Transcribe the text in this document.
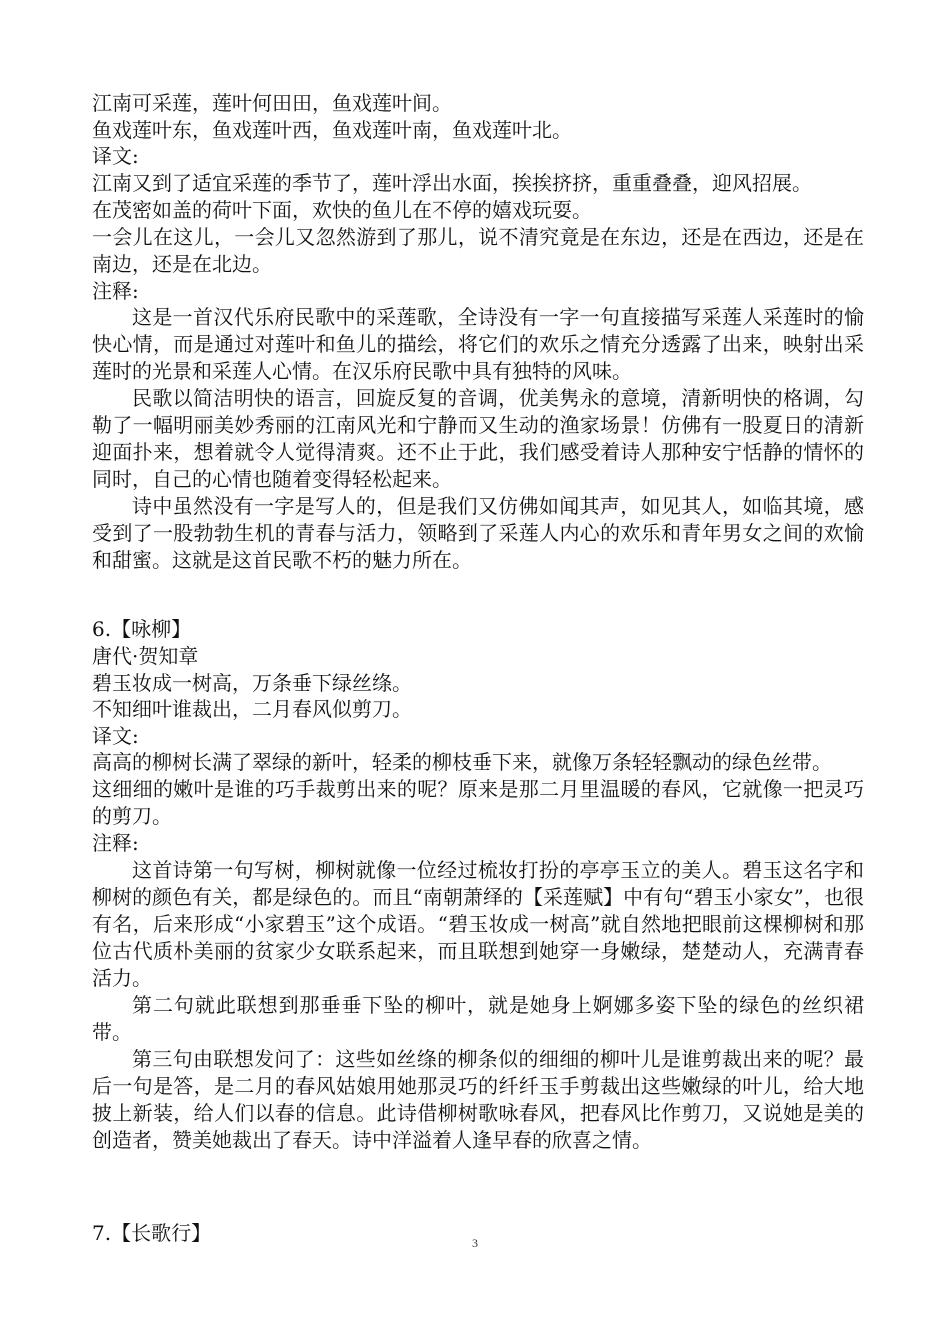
江南可采莲，莲叶何田田，鱼戏莲叶间。

鱼戏莲叶东，鱼戏莲叶西，鱼戏莲叶南，鱼戏莲叶北。

译文:

江南又到了适宜采莲的季节了，莲叶浮出水面，挨挨挤挤，重重叠叠，迎风招展。

在茂密如盖的荷叶下面，欢快的鱼儿在不停的嬉戏玩耍。

一会儿在这儿，一会儿又忽然游到了那儿，说不清究竟是在东边，还是在西边，还是在南边，还是在北边。

注释:

这是一首汉代乐府民歌中的采莲歌，全诗没有一字一句直接描写采莲人采莲时的愉快心情，而是通过对莲叶和鱼儿的描绘，将它们的欢乐之情充分透露了出来，映射出采莲时的光景和采莲人心情。在汉乐府民歌中具有独特的风味。

民歌以简洁明快的语言，回旋反复的音调，优美隽永的意境，清新明快的格调，勾勒了一幅明丽美妙秀丽的江南风光和宁静而又生动的渔家场景！仿佛有一股夏日的清新迎面扑来，想着就令人觉得清爽。还不止于此，我们感受着诗人那种安宁恬静的情怀的同时，自己的心情也随着变得轻松起来。

诗中虽然没有一字是写人的，但是我们又仿佛如闻其声，如见其人，如临其境，感受到了一股勃勃生机的青春与活力，领略到了采莲人内心的欢乐和青年男女之间的欢愉和甜蜜。这就是这首民歌不朽的魅力所在。

6.【咏柳】

唐代·贺知章

碧玉妆成一树高，万条垂下绿丝绦。

不知细叶谁裁出，二月春风似剪刀。

译文:

高高的柳树长满了翠绿的新叶，轻柔的柳枝垂下来，就像万条轻轻飘动的绿色丝带。

这细细的嫩叶是谁的巧手裁剪出来的呢？原来是那二月里温暖的春风，它就像一把灵巧的剪刀。

注释:

这首诗第一句写树，柳树就像一位经过梳妆打扮的亭亭玉立的美人。碧玉这名字和柳树的颜色有关，都是绿色的。而且“南朝萧绎的【采莲赋】中有句“碧玉小家女”，也很有名，后来形成“小家碧玉”这个成语。“碧玉妆成一树高”就自然地把眼前这棵柳树和那位古代质朴美丽的贫家少女联系起来，而且联想到她穿一身嫩绿，楚楚动人，充满青春活力。

第二句就此联想到那垂垂下坠的柳叶，就是她身上婀娜多姿下坠的绿色的丝织裙带。

第三句由联想发问了：这些如丝绦的柳条似的细细的柳叶儿是谁剪裁出来的呢？最后一句是答，是二月的春风姑娘用她那灵巧的纤纤玉手剪裁出这些嫩绿的叶儿，给大地披上新装，给人们以春的信息。此诗借柳树歌咏春风，把春风比作剪刀，又说她是美的创造者，赞美她裁出了春天。诗中洋溢着人逢早春的欣喜之情。

7.【长歌行】	3
